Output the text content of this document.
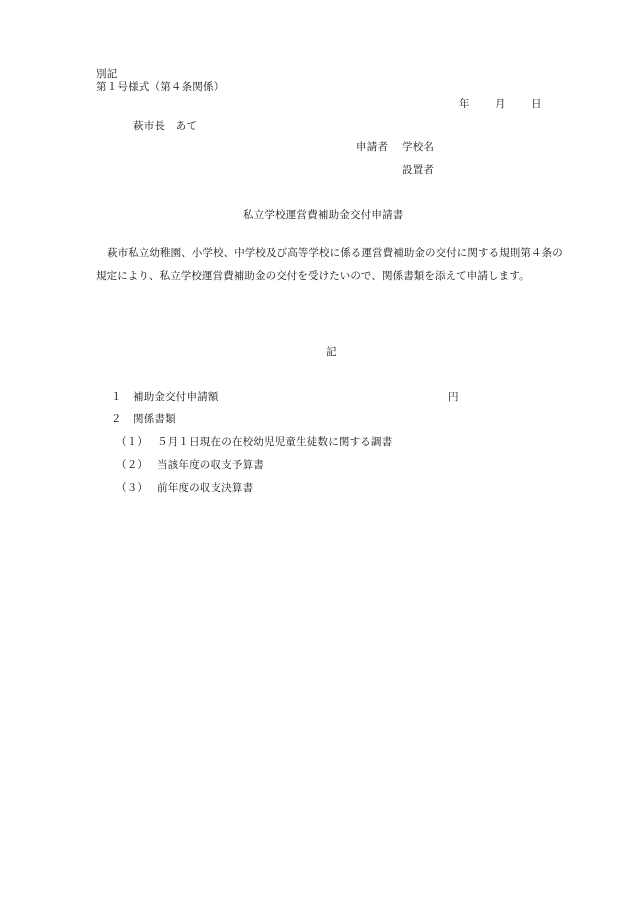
別記
第１号様式（第４条関係）
年 月 日
萩市長　あて
申請者 学校名
設置者
私立学校運営費補助金交付申請書
萩市私立幼稚園、小学校、中学校及び高等学校に係る運営費補助金の交付に関する規則第４条の規定により、私立学校運営費補助金の交付を受けたいので、関係書類を添えて申請します。
記
１ 補助金交付申請額	円
２ 関係書類
（１） ５月１日現在の在校幼児児童生徒数に関する調書
（２） 当該年度の収支予算書
（３） 前年度の収支決算書
